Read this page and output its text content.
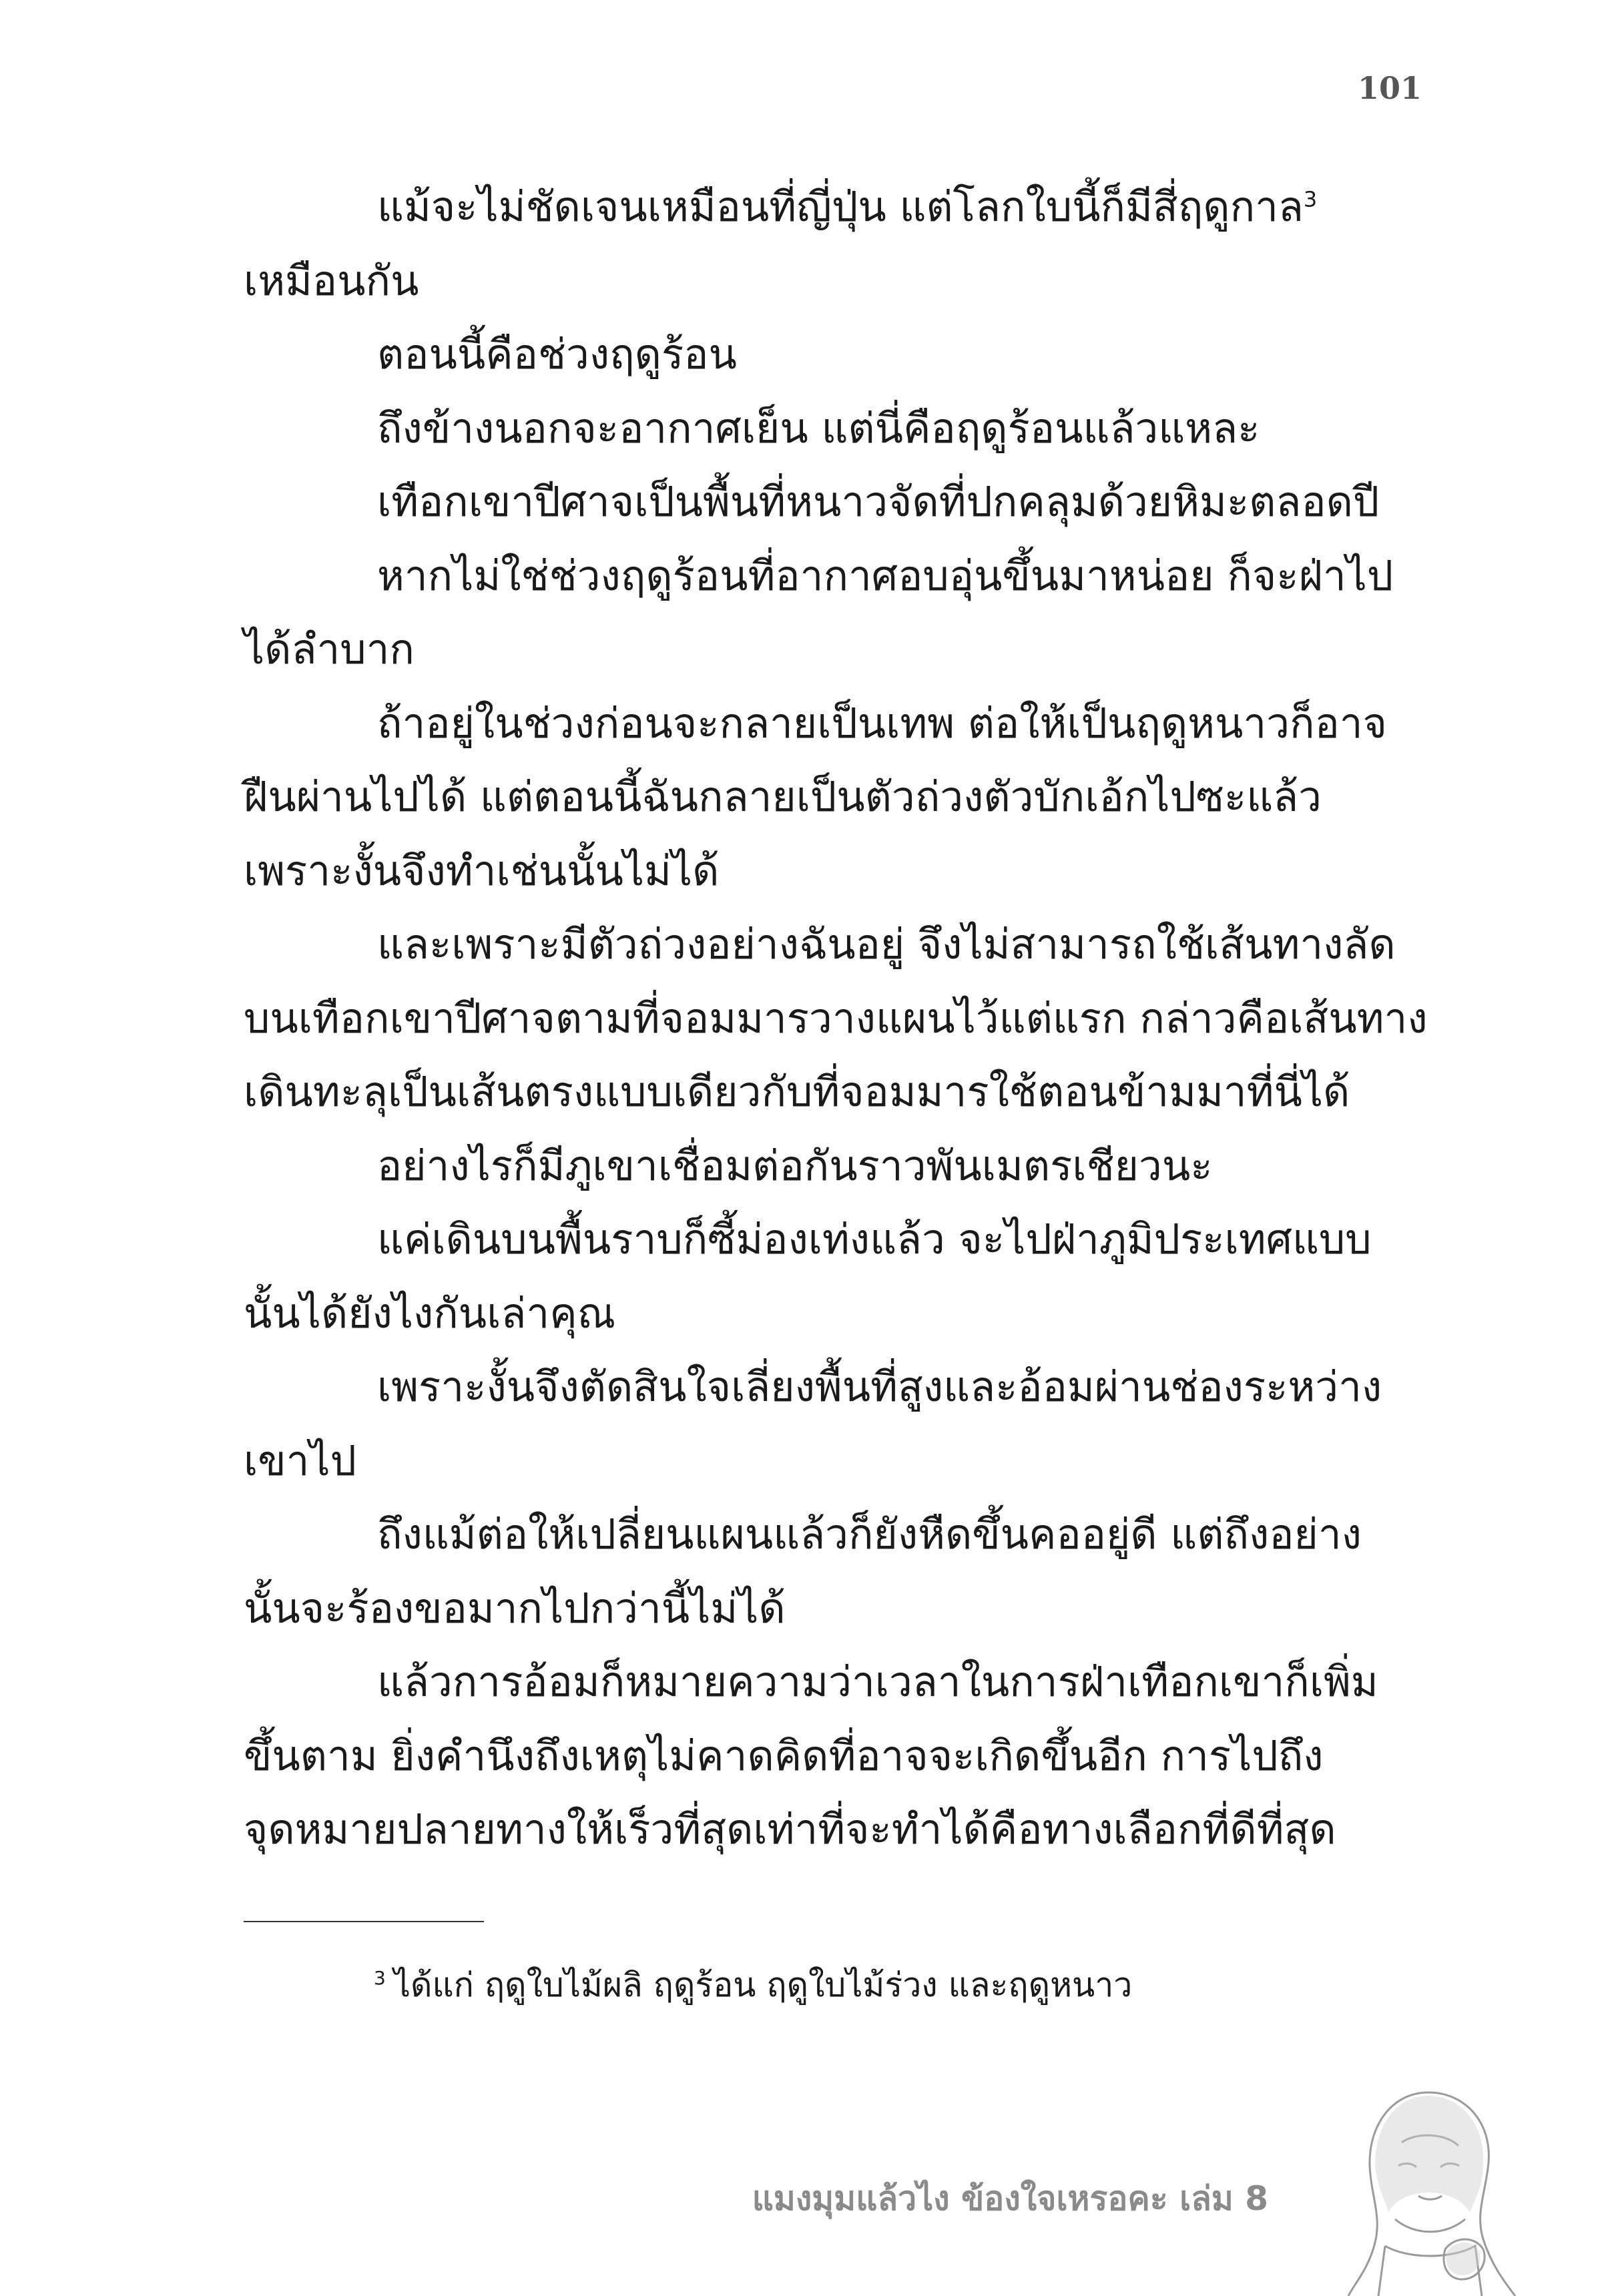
101
แม้จะไม่ชัดเจนเหมือนที่ญี่ปุ่น แต่โลกใบนี้ก็มีสี่ฤดูกาล$^3$
เหมือนกัน
ตอนนี้คือช่วงฤดูร้อน
ถึงข้างนอกจะอากาศเย็น แต่นี่คือฤดูร้อนแล้วแหละ
เทือกเขาปีศาจเป็นพื้นที่หนาวจัดที่ปกคลุมด้วยหิมะตลอดปี
หากไม่ใช่ช่วงฤดูร้อนที่อากาศอบอุ่นขึ้นมาหน่อย ก็จะฝ่าไป
ได้ลำบาก
ถ้าอยู่ในช่วงก่อนจะกลายเป็นเทพ ต่อให้เป็นฤดูหนาวก็อาจ
ฝืนผ่านไปได้ แต่ตอนนี้ฉันกลายเป็นตัวถ่วงตัวบักเอ้กไปซะแล้ว
เพราะงั้นจึงทำเช่นนั้นไม่ได้
และเพราะมีตัวถ่วงอย่างฉันอยู่ จึงไม่สามารถใช้เส้นทางลัด
บนเทือกเขาปีศาจตามที่จอมมารวางแผนไว้แต่แรก กล่าวคือเส้นทาง
เดินทะลุเป็นเส้นตรงแบบเดียวกับที่จอมมารใช้ตอนข้ามมาที่นี่ได้
อย่างไรก็มีภูเขาเชื่อมต่อกันราวพันเมตรเชียวนะ
แค่เดินบนพื้นราบก็ซี้ม่องเท่งแล้ว จะไปฝ่าภูมิประเทศแบบ
นั้นได้ยังไงกันเล่าคุณ
เพราะงั้นจึงตัดสินใจเลี่ยงพื้นที่สูงและอ้อมผ่านช่องระหว่าง
เขาไป
ถึงแม้ต่อให้เปลี่ยนแผนแล้วก็ยังหืดขึ้นคออยู่ดี แต่ถึงอย่าง
นั้นจะร้องขอมากไปกว่านี้ไม่ได้
แล้วการอ้อมก็หมายความว่าเวลาในการฝ่าเทือกเขาก็เพิ่ม
ขึ้นตาม ยิ่งคำนึงถึงเหตุไม่คาดคิดที่อาจจะเกิดขึ้นอีก การไปถึง
จุดหมายปลายทางให้เร็วที่สุดเท่าที่จะทำได้คือทางเลือกที่ดีที่สุด
$^3$ ได้แก่ ฤดูใบไม้ผลิ ฤดูร้อน ฤดูใบไม้ร่วง และฤดูหนาว
แมงมุมแล้วไง ข้องใจเหรอคะ เล่ม 8
